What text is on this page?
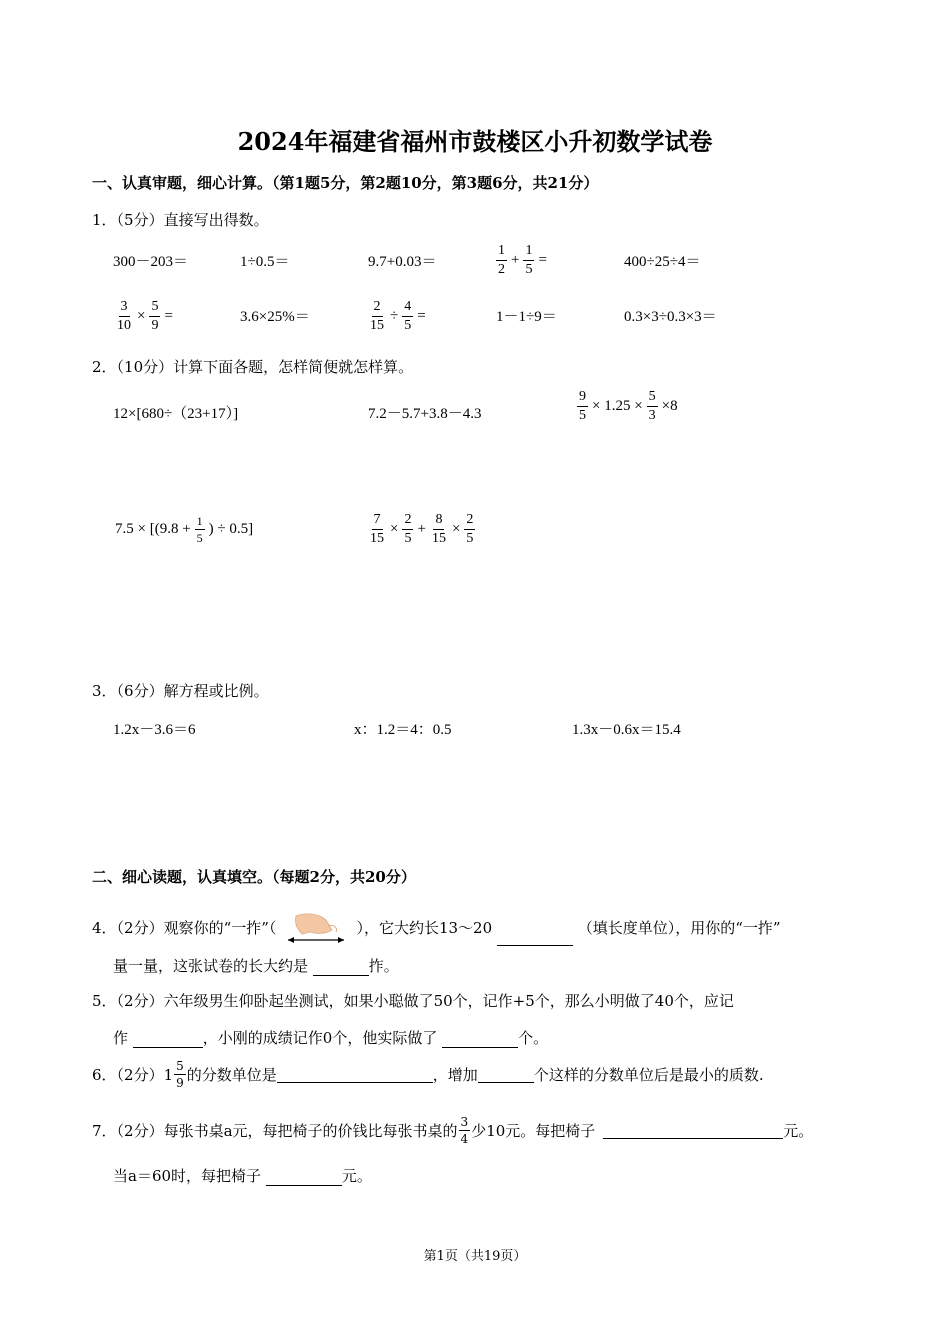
2024年福建省福州市鼓楼区小升初数学试卷
一、认真审题，细心计算。（第1题5分，第2题10分，第3题6分，共21分）
1．（5分）直接写出得数。
300－203＝	1÷0.5＝	9.7+0.03＝	$\frac{1}{2} + \frac{1}{5}$ =	400÷25÷4＝
$\frac{3}{10} \times \frac{5}{9}$ =	3.6×25%＝	$\frac{2}{15} \div \frac{4}{5}$ =	1－1÷9＝	0.3×3÷0.3×3＝
2．（10分）计算下面各题，怎样简便就怎样算。
12×[680÷（23+17）]	7.2－5.7+3.8－4.3	$\frac{9}{5} \times 1.25 \times \frac{5}{3} \times 8$
$7.5 \times [(9.8 + \frac{1}{5}$ ) ÷ 0.5]	$\frac{7}{15} \times \frac{2}{5} + \frac{8}{15} \times \frac{2}{5}$
3．（6分）解方程或比例。
1.2x－3.6＝6	x：1.2＝4：0.5	1.3x－0.6x＝15.4
二、细心读题，认真填空。（每题2分，共20分）
4．（2分）观察你的“一拃”（	），它大约长13～20	（填长度单位），用你的“一拃”
量一量，这张试卷的长大约是	拃。
5．（2分）六年级男生仰卧起坐测试，如果小聪做了50个，记作+5个，那么小明做了40个，应记
作	，小刚的成绩记作0个，他实际做了	个。
6．（2分）$1 \frac{5}{9}$ 的分数单位是	，增加	个这样的分数单位后是最小的质数.
7．（2分）每张书桌a元，每把椅子的价钱比每张书桌的 $\frac{3}{4}$ 少10元。每把椅子	元。
当a＝60时，每把椅子	元。
第1页（共19页）
